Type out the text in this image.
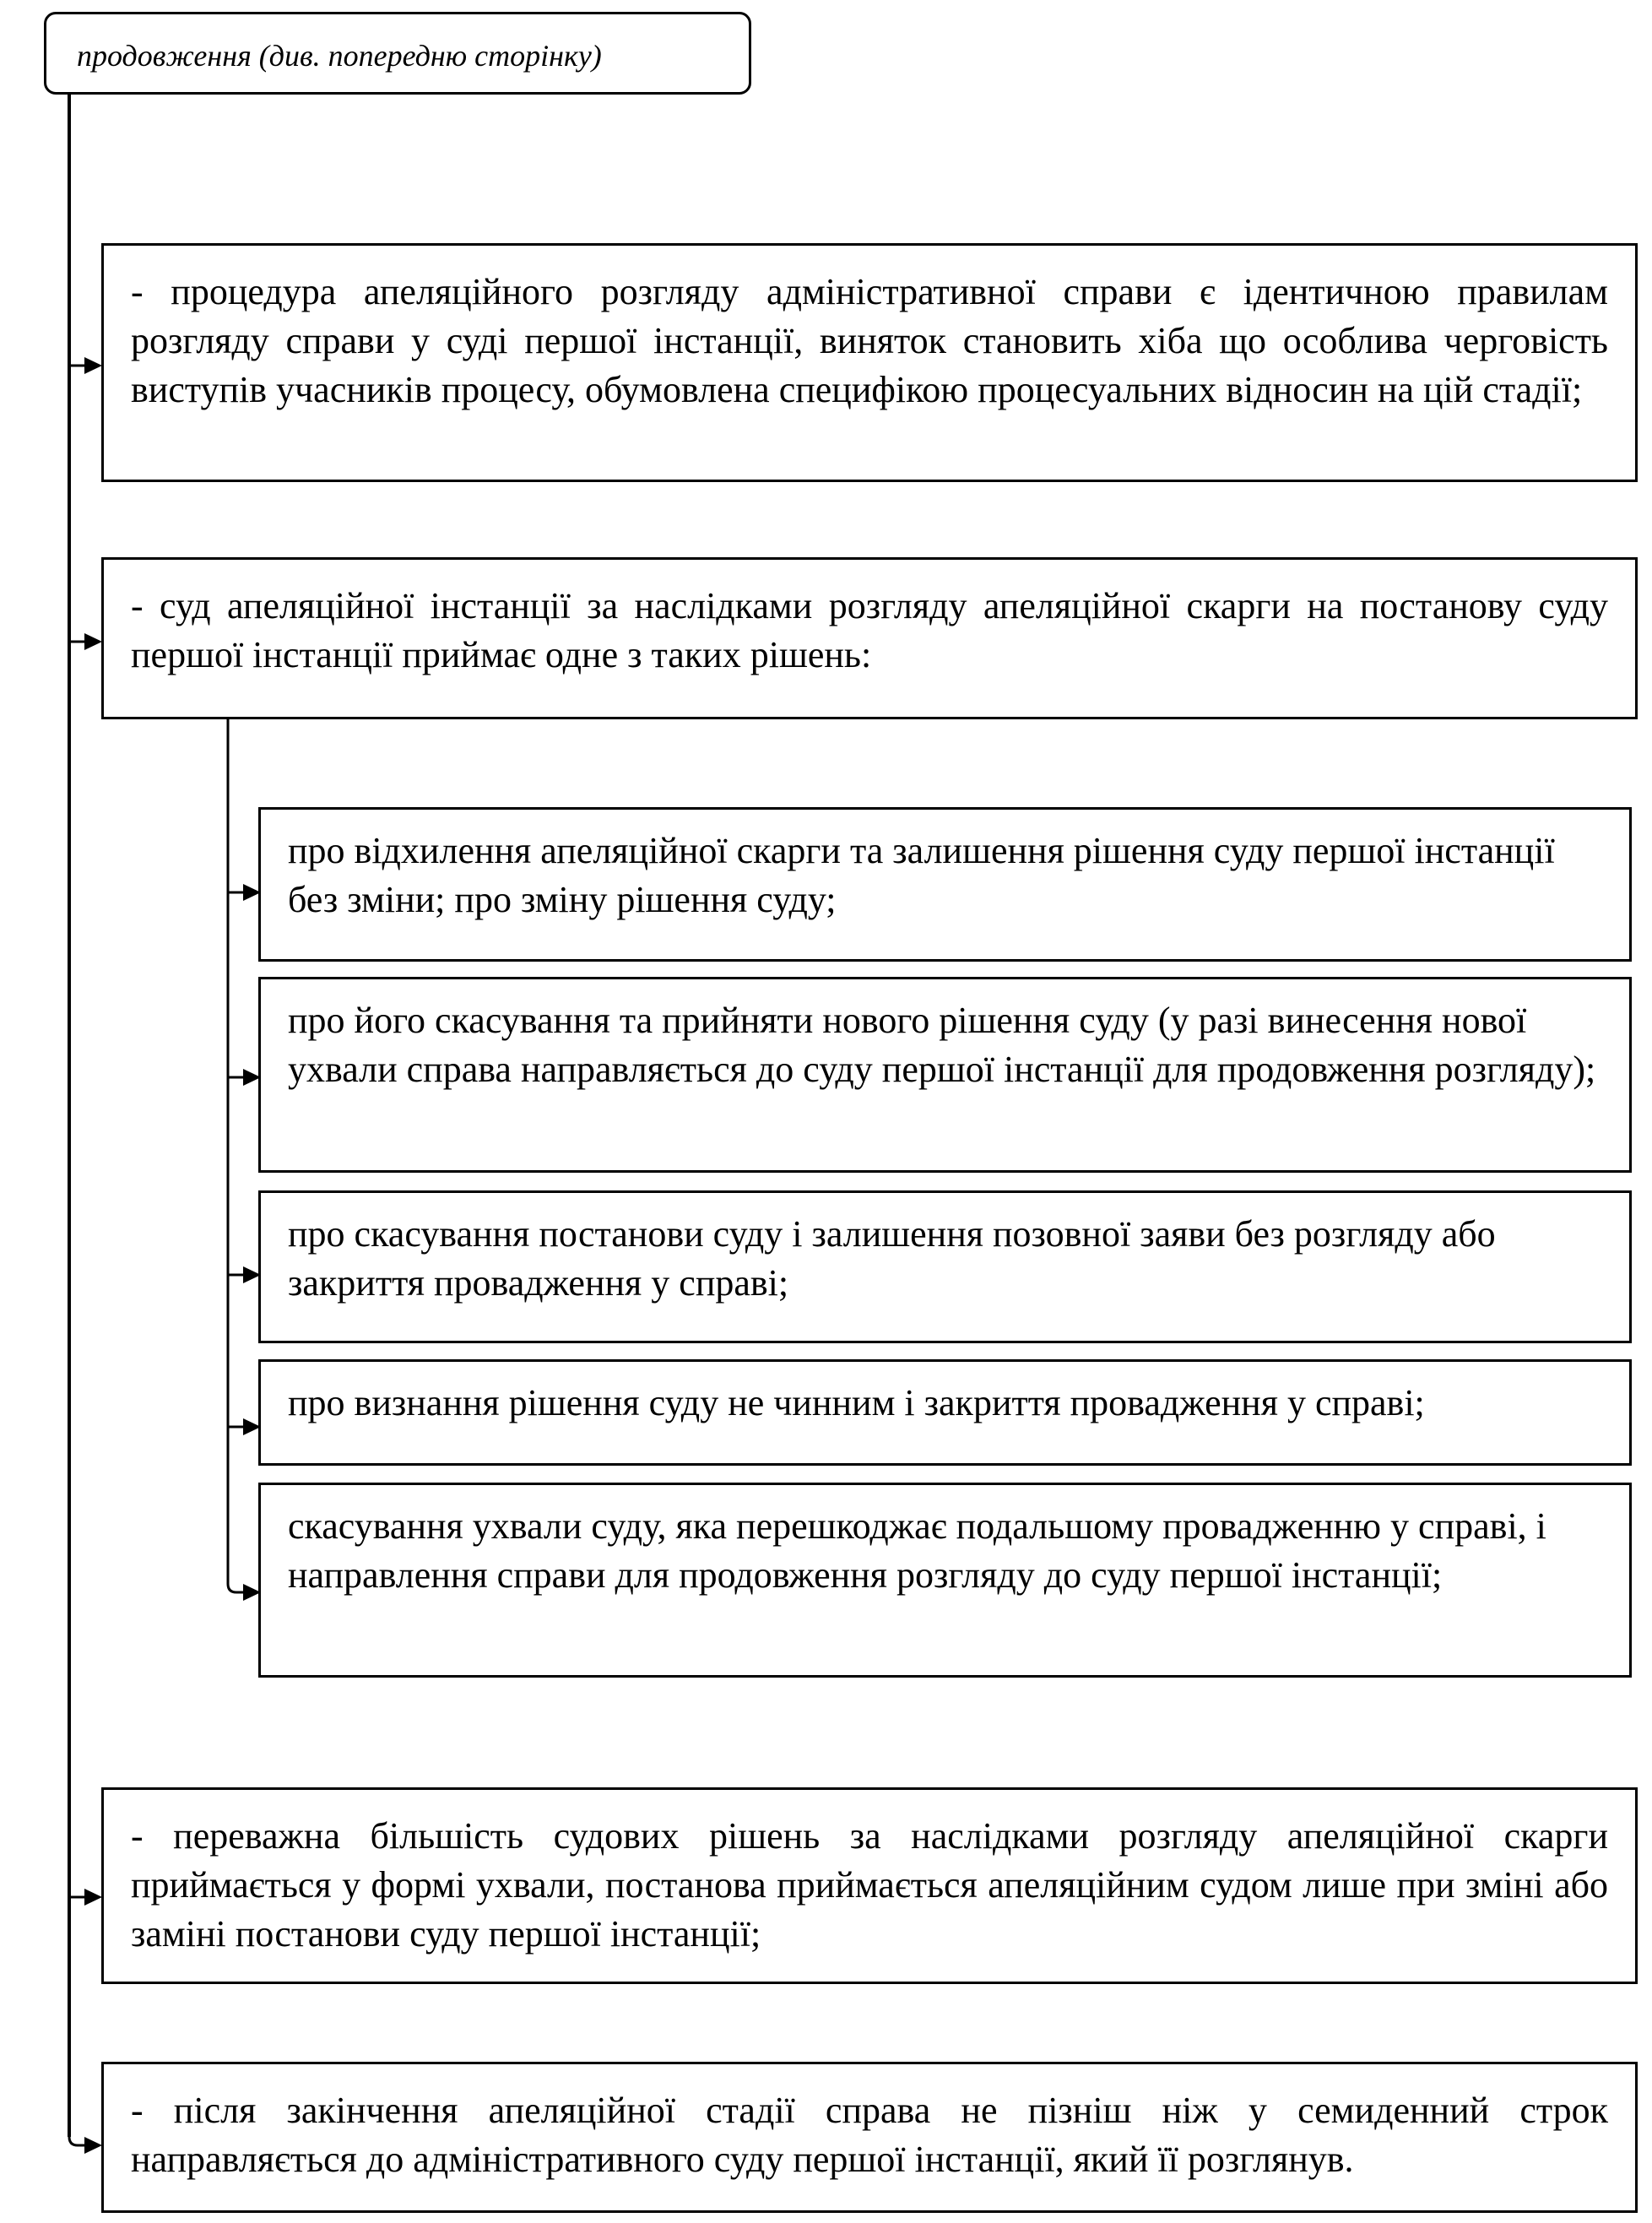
продовження (див. попередню сторінку)
- процедура апеляційного розгляду адміністративної справи є ідентичною правилам розгляду справи у суді першої інстанції, виняток становить хіба що особлива черговість виступів учасників процесу, обумовлена специфікою процесуальних відносин на цій стадії;
- суд апеляційної інстанції за наслідками розгляду апеляційної скарги на постанову суду першої інстанції приймає одне з таких рішень:
про відхилення апеляційної скарги та залишення рішення суду першої інстанції без зміни; про зміну рішення суду;
про його скасування та прийняти нового рішення суду (у разі винесення нової ухвали справа направляється до суду першої інстанції для продовження розгляду);
про скасування постанови суду і залишення позовної заяви без розгляду або закриття провадження у справі;
про визнання рішення суду не чинним і закриття провадження у справі;
скасування ухвали суду, яка перешкоджає подальшому провадженню у справі, і направлення справи для продовження розгляду до суду першої інстанції;
- переважна більшість судових рішень за наслідками розгляду апеляційної скарги приймається у формі ухвали, постанова приймається апеляційним судом лише при зміні або заміні постанови суду першої інстанції;
- після закінчення апеляційної стадії справа не пізніш ніж у семиденний строк направляється до адміністративного суду першої інстанції, який її розглянув.
